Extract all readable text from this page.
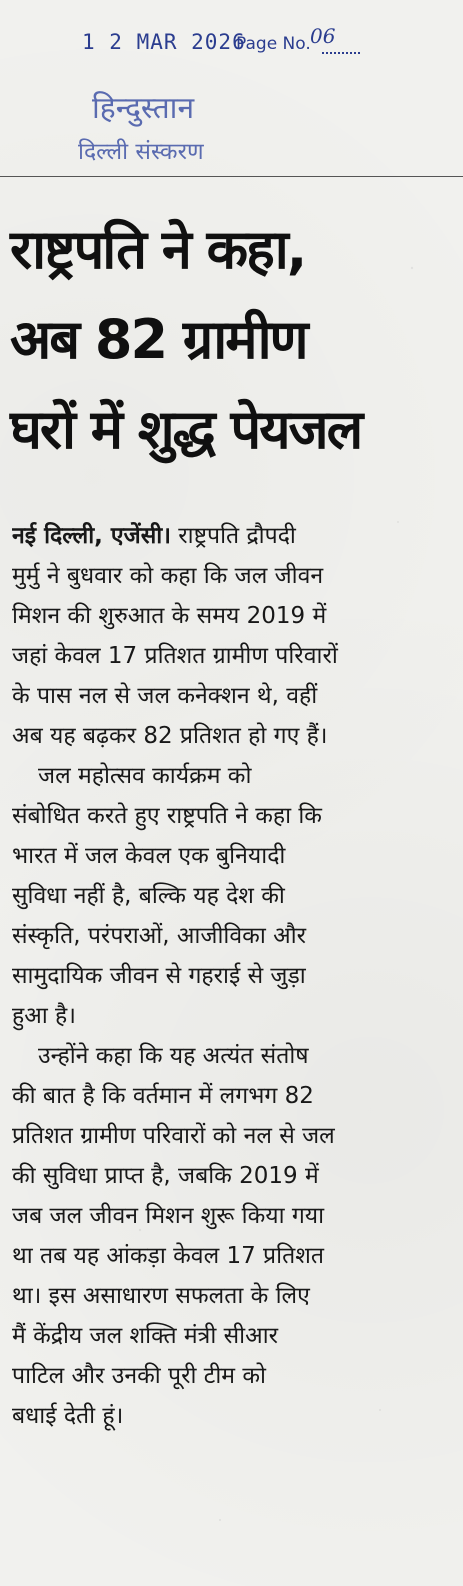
1 2 MAR 2026
Page No. 06
हिन्दुस्तान
दिल्ली संस्करण
राष्ट्रपति ने कहा,
अब 82 ग्रामीण
घरों में शुद्ध पेयजल
नई दिल्ली, एजेंसी। राष्ट्रपति द्रौपदी
मुर्मु ने बुधवार को कहा कि जल जीवन
मिशन की शुरुआत के समय 2019 में
जहां केवल 17 प्रतिशत ग्रामीण परिवारों
के पास नल से जल कनेक्शन थे, वहीं
अब यह बढ़कर 82 प्रतिशत हो गए हैं।
जल महोत्सव कार्यक्रम को
संबोधित करते हुए राष्ट्रपति ने कहा कि
भारत में जल केवल एक बुनियादी
सुविधा नहीं है, बल्कि यह देश की
संस्कृति, परंपराओं, आजीविका और
सामुदायिक जीवन से गहराई से जुड़ा
हुआ है।
उन्होंने कहा कि यह अत्यंत संतोष
की बात है कि वर्तमान में लगभग 82
प्रतिशत ग्रामीण परिवारों को नल से जल
की सुविधा प्राप्त है, जबकि 2019 में
जब जल जीवन मिशन शुरू किया गया
था तब यह आंकड़ा केवल 17 प्रतिशत
था। इस असाधारण सफलता के लिए
मैं केंद्रीय जल शक्ति मंत्री सीआर
पाटिल और उनकी पूरी टीम को
बधाई देती हूं।
